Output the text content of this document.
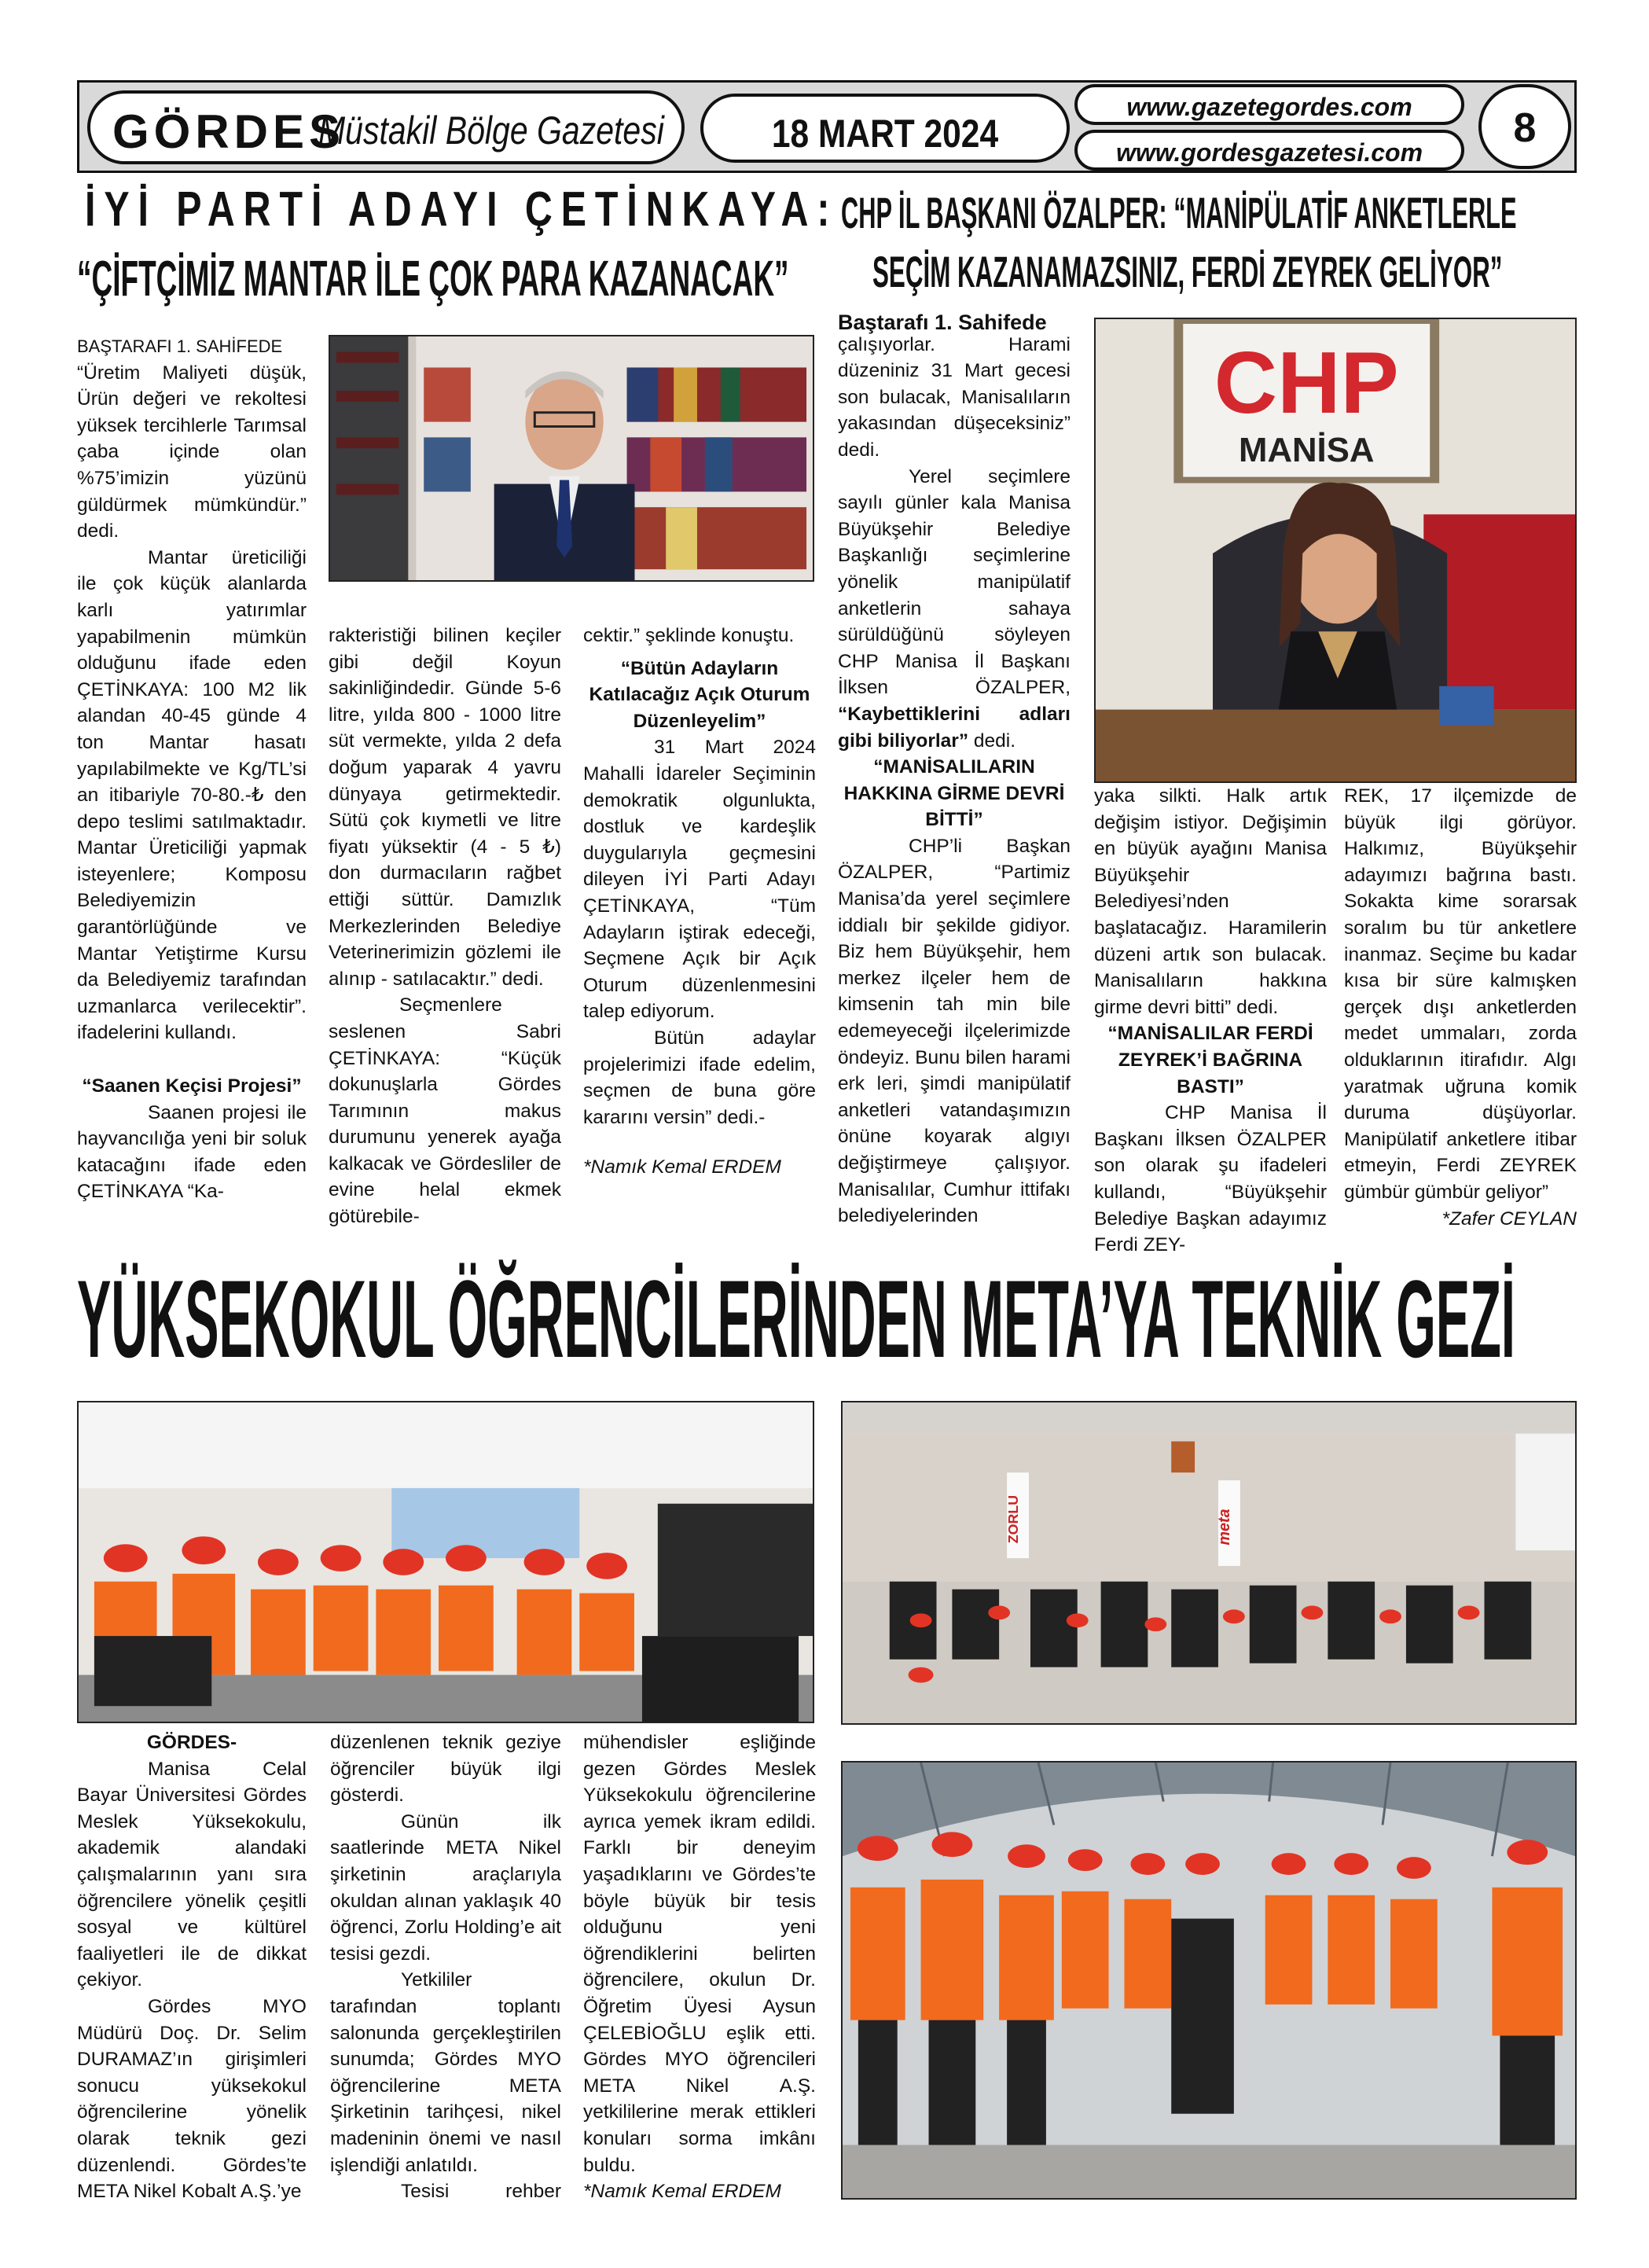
GÖRDES
Müstakil Bölge Gazetesi	18 MART 2024
www.gazetegordes.com
www.gordesgazetesi.com
8
İYİ PARTİ ADAYI ÇETİNKAYA:
“ÇİFTÇİMİZ MANTAR İLE ÇOK PARA KAZANACAK”
CHP İL BAŞKANI ÖZALPER: “MANİPÜLATİF ANKETLERLE
SEÇİM KAZANAMAZSINIZ, FERDİ ZEYREK GELİYOR”

BAŞTARAFI 1. SAHİFEDE

“Üretim Maliyeti düşük, Ürün değeri ve rekoltesi yüksek tercihlerle Tarımsal çaba içinde olan %75’imizin yüzünü güldürmek mümkündür.” dedi.

Mantar üreticiliği ile çok küçük alanlarda karlı yatırımlar yapabilmenin mümkün olduğunu ifade eden ÇETİNKAYA: 100 M2 lik alandan 40-45 günde 4 ton Mantar hasatı yapılabilmekte ve Kg/TL’si an itibariyle 70-80.-₺ den depo teslimi satılmaktadır. Mantar Üreticiliği yapmak isteyenlere; Komposu Belediyemizin garantörlüğünde ve Mantar Yetiştirme Kursu da Belediyemiz tarafından uzmanlarca verilecektir”. ifadelerini kullandı.

“Saanen Keçisi Projesi”

Saanen projesi ile hayvancılığa yeni bir soluk katacağını ifade eden ÇETİNKAYA “Ka-

rakteristiği bilinen keçiler gibi değil Koyun sakinliğindedir. Günde 5-6 litre, yılda 800 - 1000 litre süt vermekte, yılda 2 defa doğum yaparak 4 yavru dünyaya getirmektedir. Sütü çok kıymetli ve litre fiyatı yüksektir (4 - 5 ₺) don durmacıların rağbet ettiği süttür. Damızlık Merkezlerinden Belediye Veterinerimizin gözlemi ile alınıp - satılacaktır.” dedi.

Seçmenlere seslenen Sabri ÇETİNKAYA: “Küçük dokunuşlarla Gördes Tarımının makus durumunu yenerek ayağa kalkacak ve Gördesliler de evine helal ekmek götürebile-

cektir.” şeklinde konuştu.

“Bütün Adayların Katılacağız Açık Oturum Düzenleyelim”

31 Mart 2024 Mahalli İdareler Seçiminin demokratik olgunlukta, dostluk ve kardeşlik duygularıyla geçmesini dileyen İYİ Parti Adayı ÇETİNKAYA, “Tüm Adayların iştirak edeceği, Seçmene Açık bir Açık Oturum düzenlenmesini talep ediyorum.

Bütün adaylar projelerimizi ifade edelim, seçmen de buna göre kararını versin” dedi.-

*Namık Kemal ERDEM

CHP
MANİSA

Baştarafı 1. Sahifede

çalışıyorlar. Harami düzeniniz 31 Mart gecesi son bulacak, Manisalıların yakasından düşeceksiniz” dedi.

Yerel seçimlere sayılı günler kala Manisa Büyükşehir Belediye Başkanlığı seçimlerine yönelik manipülatif anketlerin sahaya sürüldüğünü söyleyen CHP Manisa İl Başkanı İlksen ÖZALPER, “Kaybettiklerini adları gibi biliyorlar” dedi.

“MANİSALILARIN HAKKINA GİRME DEVRİ BİTTİ”

CHP’li Başkan ÖZALPER, “Partimiz Manisa’da yerel seçimlere iddialı bir şekilde gidiyor. Biz hem Büyükşehir, hem merkez ilçeler hem de kimsenin tah min bile edemeyeceği ilçelerimizde öndeyiz. Bunu bilen harami erk leri, şimdi manipülatif anketleri vatandaşımızın önüne koyarak algıyı değiştirmeye çalışıyor. Manisalılar, Cumhur ittifakı belediyelerinden

yaka silkti. Halk artık değişim istiyor. Değişimin en büyük ayağını Manisa Büyükşehir Belediyesi’nden başlatacağız. Haramilerin düzeni artık son bulacak. Manisalıların hakkına girme devri bitti” dedi.

“MANİSALILAR FERDİ ZEYREK’İ BAĞRINA BASTI”

CHP Manisa İl Başkanı İlksen ÖZALPER son olarak şu ifadeleri kullandı, “Büyükşehir Belediye Başkan adayımız Ferdi ZEY-

REK, 17 ilçemizde de büyük ilgi görüyor. Halkımız, Büyükşehir adayımızı bağrına bastı. Sokakta kime sorarsak soralım bu tür anketlere inanmaz. Seçime bu kadar kısa bir süre kalmışken gerçek dışı anketlerden medet ummaları, zorda olduklarının itirafıdır. Algı yaratmak uğruna komik duruma düşüyorlar. Manipülatif anketlere itibar etmeyin, Ferdi ZEYREK gümbür gümbür geliyor”

*Zafer CEYLAN

YÜKSEKOKUL ÖĞRENCİLERİNDEN META’YA TEKNİK GEZİ
ZORLU	meta

GÖRDES-

Manisa Celal Bayar Üniversitesi Gördes Meslek Yüksekokulu, akademik alandaki çalışmalarının yanı sıra öğrencilere yönelik çeşitli sosyal ve kültürel faaliyetleri ile de dikkat çekiyor.

Gördes MYO Müdürü Doç. Dr. Selim DURAMAZ’ın girişimleri sonucu yüksekokul öğrencilerine yönelik olarak teknik gezi düzenlendi. Gördes’te META Nikel Kobalt A.Ş.’ye

düzenlenen teknik geziye öğrenciler büyük ilgi gösterdi.

Günün ilk saatlerinde META Nikel şirketinin araçlarıyla okuldan alınan yaklaşık 40 öğrenci, Zorlu Holding’e ait tesisi gezdi.

Yetkililer tarafından toplantı salonunda gerçekleştirilen sunumda; Gördes MYO öğrencilerine META Şirketinin tarihçesi, nikel madeninin önemi ve nasıl işlendiği anlatıldı.

Tesisi rehber

mühendisler eşliğinde gezen Gördes Meslek Yüksekokulu öğrencilerine ayrıca yemek ikram edildi. Farklı bir deneyim yaşadıklarını ve Gördes’te böyle büyük bir tesis olduğunu yeni öğrendiklerini belirten öğrencilere, okulun Dr. Öğretim Üyesi Aysun ÇELEBİOĞLU eşlik etti. Gördes MYO öğrencileri META Nikel A.Ş. yetkililerine merak ettikleri konuları sorma imkânı buldu.

*Namık Kemal ERDEM
